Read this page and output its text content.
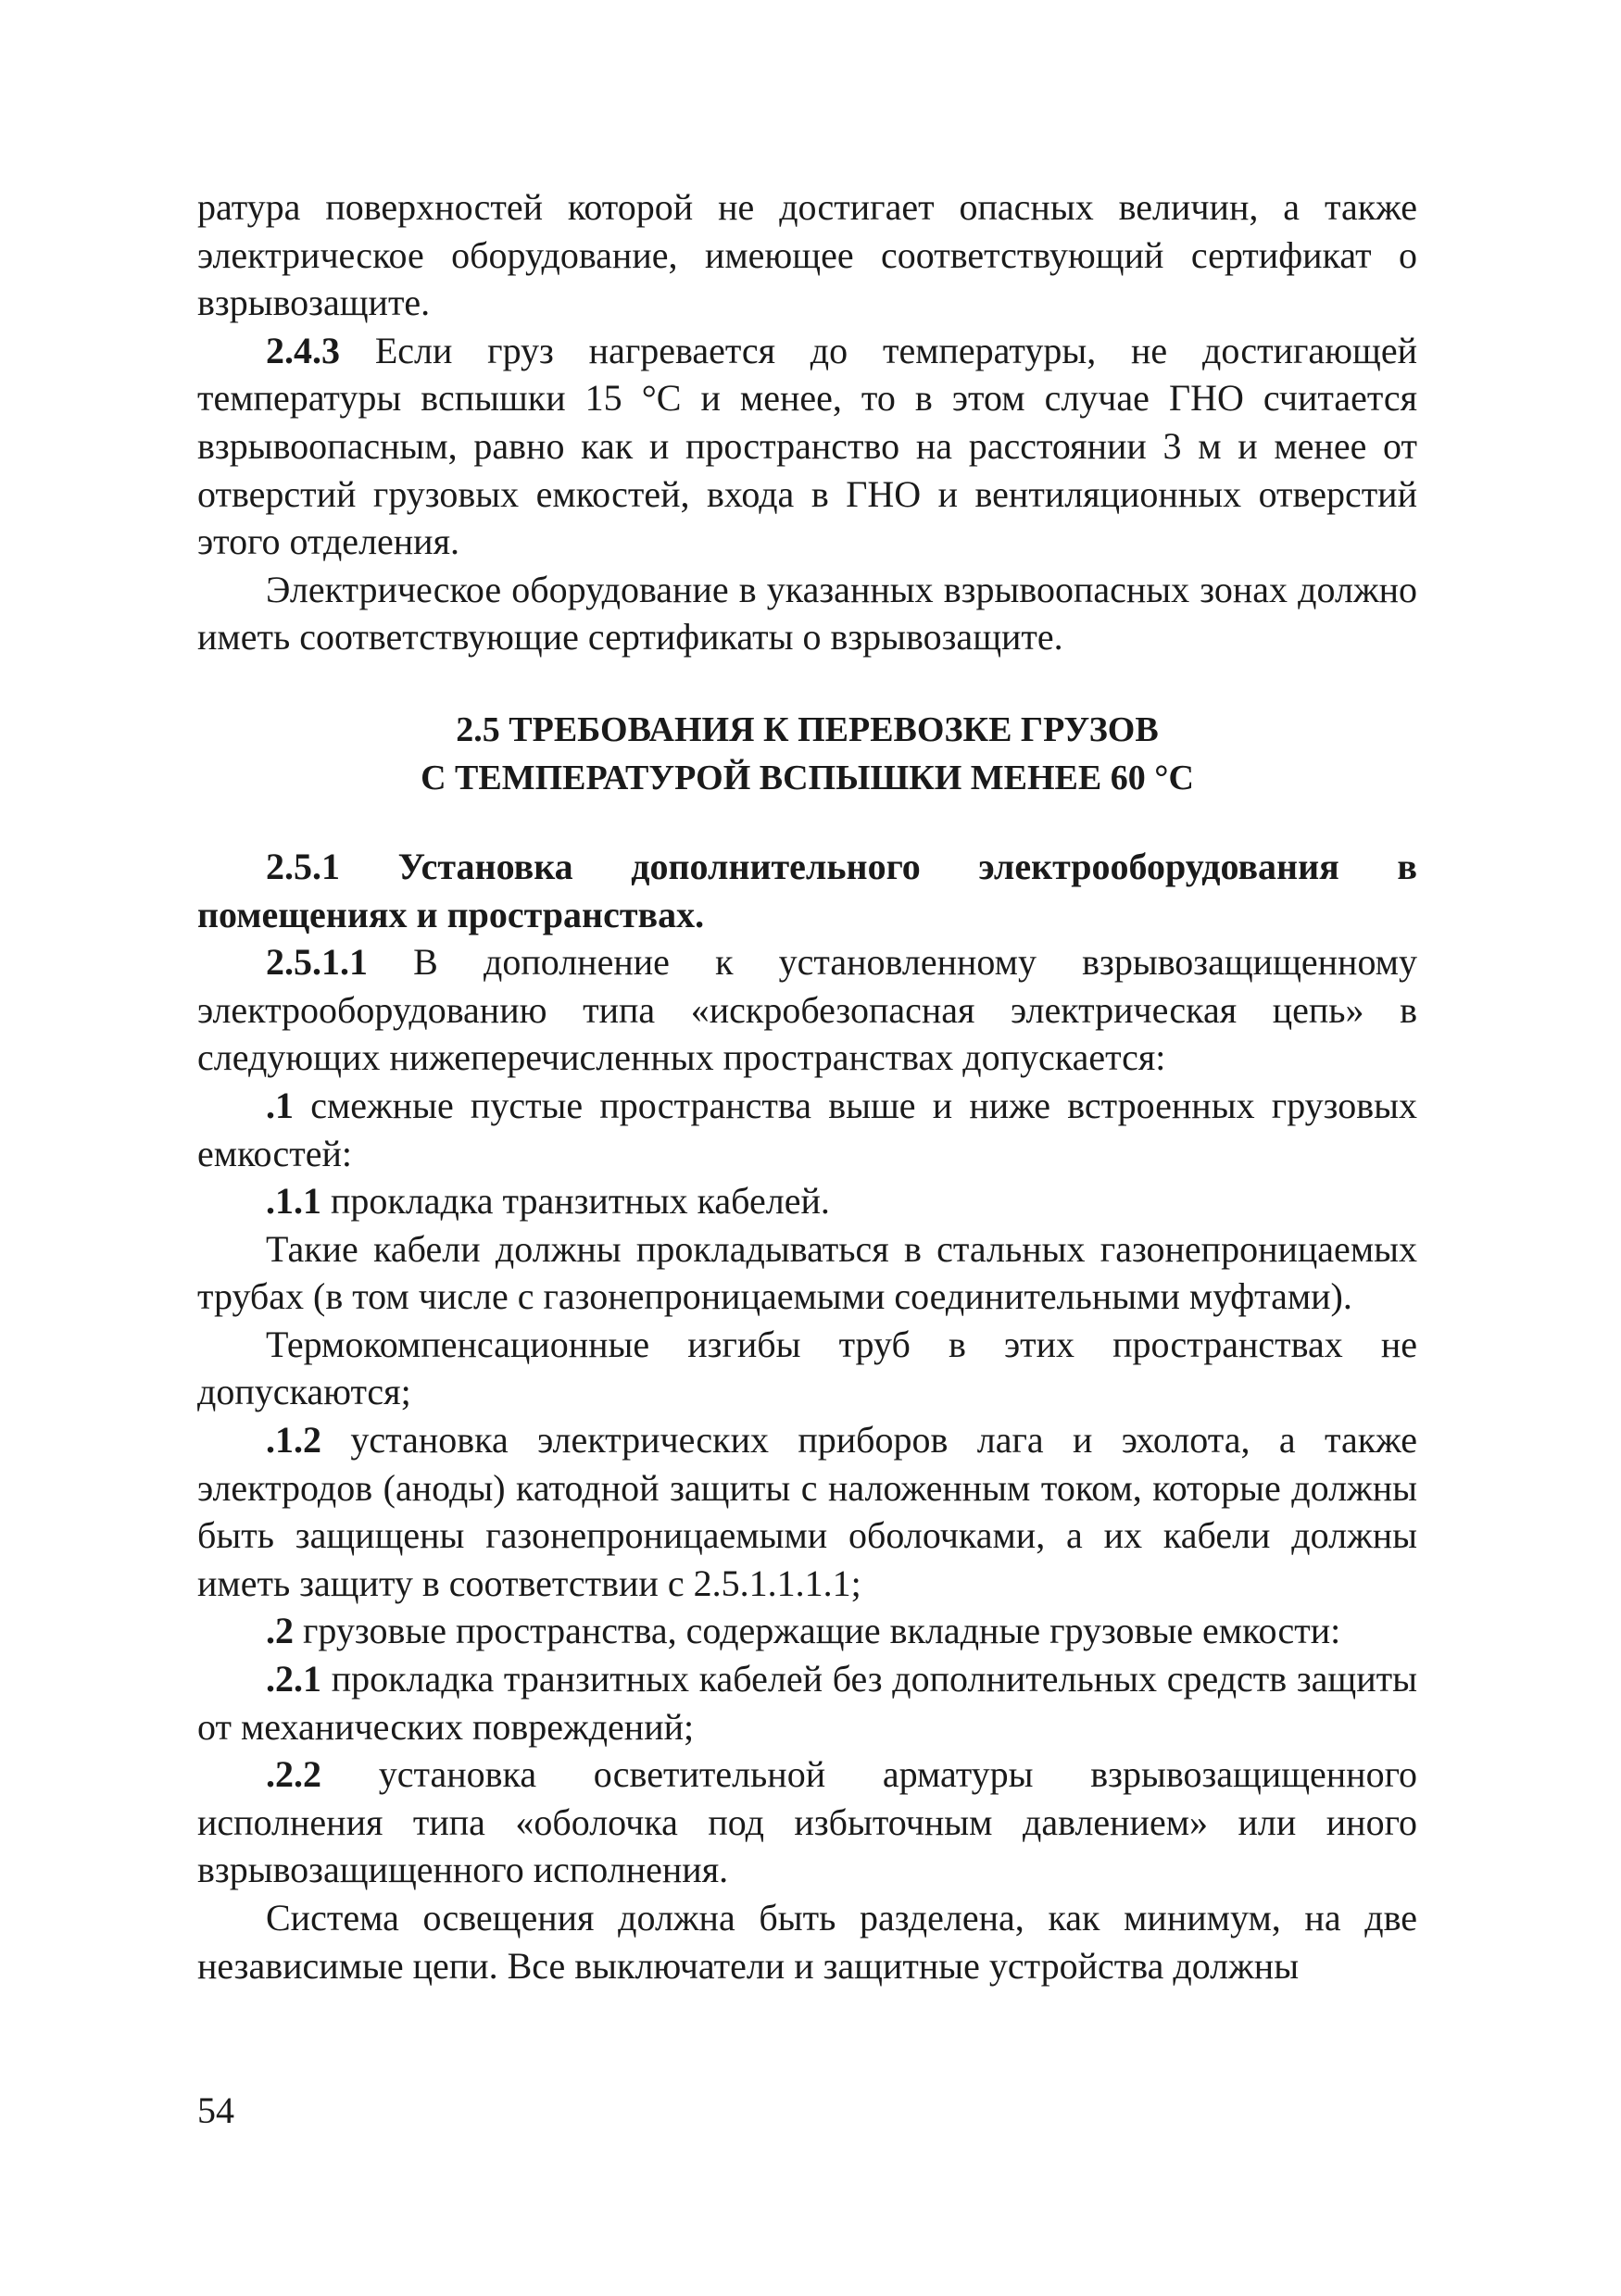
ратура поверхностей которой не достигает опасных величин, а также электрическое оборудование, имеющее соответствующий сертификат о взрывозащите.

2.4.3 Если груз нагревается до температуры, не достигающей температуры вспышки 15 °С и менее, то в этом случае ГНО считается взрывоопасным, равно как и пространство на расстоянии 3 м и менее от отверстий грузовых емкостей, входа в ГНО и вентиляционных отверстий этого отделения.

Электрическое оборудование в указанных взрывоопасных зонах должно иметь соответствующие сертификаты о взрывозащите.

2.5 ТРЕБОВАНИЯ К ПЕРЕВОЗКЕ ГРУЗОВ
С ТЕМПЕРАТУРОЙ ВСПЫШКИ МЕНЕЕ 60 °С

2.5.1 Установка дополнительного электрооборудования в помещениях и пространствах.

2.5.1.1 В дополнение к установленному взрывозащищенному электрооборудованию типа «искробезопасная электрическая цепь» в следующих нижеперечисленных пространствах допускается:

.1 смежные пустые пространства выше и ниже встроенных грузовых емкостей:

.1.1 прокладка транзитных кабелей.

Такие кабели должны прокладываться в стальных газонепроницаемых трубах (в том числе с газонепроницаемыми соединительными муфтами).

Термокомпенсационные изгибы труб в этих пространствах не допускаются;

.1.2 установка электрических приборов лага и эхолота, а также электродов (аноды) катодной защиты с наложенным током, которые должны быть защищены газонепроницаемыми оболочками, а их кабели должны иметь защиту в соответствии с 2.5.1.1.1.1;

.2 грузовые пространства, содержащие вкладные грузовые емкости:

.2.1 прокладка транзитных кабелей без дополнительных средств защиты от механических повреждений;

.2.2 установка осветительной арматуры взрывозащищенного исполнения типа «оболочка под избыточным давлением» или иного взрывозащищенного исполнения.

Система освещения должна быть разделена, как минимум, на две независимые цепи. Все выключатели и защитные устройства должны

54
